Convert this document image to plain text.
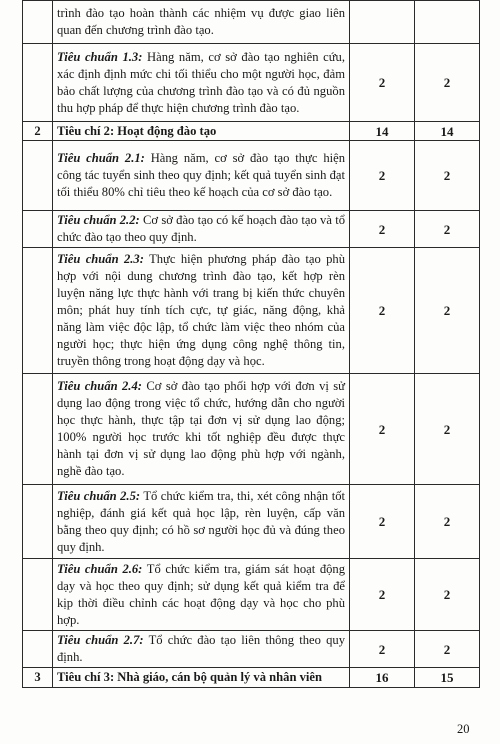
	trình đào tạo hoàn thành các nhiệm vụ được giao liên quan đến chương trình đào tạo.		
	Tiêu chuẩn 1.3: Hàng năm, cơ sở đào tạo nghiên cứu, xác định định mức chi tối thiểu cho một người học, đảm bảo chất lượng của chương trình đào tạo và có đủ nguồn thu hợp pháp để thực hiện chương trình đào tạo.	2	2
2	Tiêu chí 2: Hoạt động đào tạo	14	14
	Tiêu chuẩn 2.1: Hàng năm, cơ sở đào tạo thực hiện công tác tuyển sinh theo quy định; kết quả tuyển sinh đạt tối thiểu 80% chỉ tiêu theo kế hoạch của cơ sở đào tạo.	2	2
	Tiêu chuẩn 2.2: Cơ sở đào tạo có kế hoạch đào tạo và tổ chức đào tạo theo quy định.	2	2
	Tiêu chuẩn 2.3: Thực hiện phương pháp đào tạo phù hợp với nội dung chương trình đào tạo, kết hợp rèn luyện năng lực thực hành với trang bị kiến thức chuyên môn; phát huy tính tích cực, tự giác, năng động, khả năng làm việc độc lập, tổ chức làm việc theo nhóm của người học; thực hiện ứng dụng công nghệ thông tin, truyền thông trong hoạt động dạy và học.	2	2
	Tiêu chuẩn 2.4: Cơ sở đào tạo phối hợp với đơn vị sử dụng lao động trong việc tổ chức, hướng dẫn cho người học thực hành, thực tập tại đơn vị sử dụng lao động; 100% người học trước khi tốt nghiệp đều được thực hành tại đơn vị sử dụng lao động phù hợp với ngành, nghề đào tạo.	2	2
	Tiêu chuẩn 2.5: Tổ chức kiểm tra, thi, xét công nhận tốt nghiệp, đánh giá kết quả học lập, rèn luyện, cấp văn bằng theo quy định; có hồ sơ người học đủ và đúng theo quy định.	2	2
	Tiêu chuẩn 2.6: Tổ chức kiểm tra, giám sát hoạt động dạy và học theo quy định; sử dụng kết quả kiểm tra để kịp thời điều chỉnh các hoạt động dạy và học cho phù hợp.	2	2
	Tiêu chuẩn 2.7: Tổ chức đào tạo liên thông theo quy định.	2	2
3	Tiêu chí 3: Nhà giáo, cán bộ quản lý và nhân viên	16	15
20
